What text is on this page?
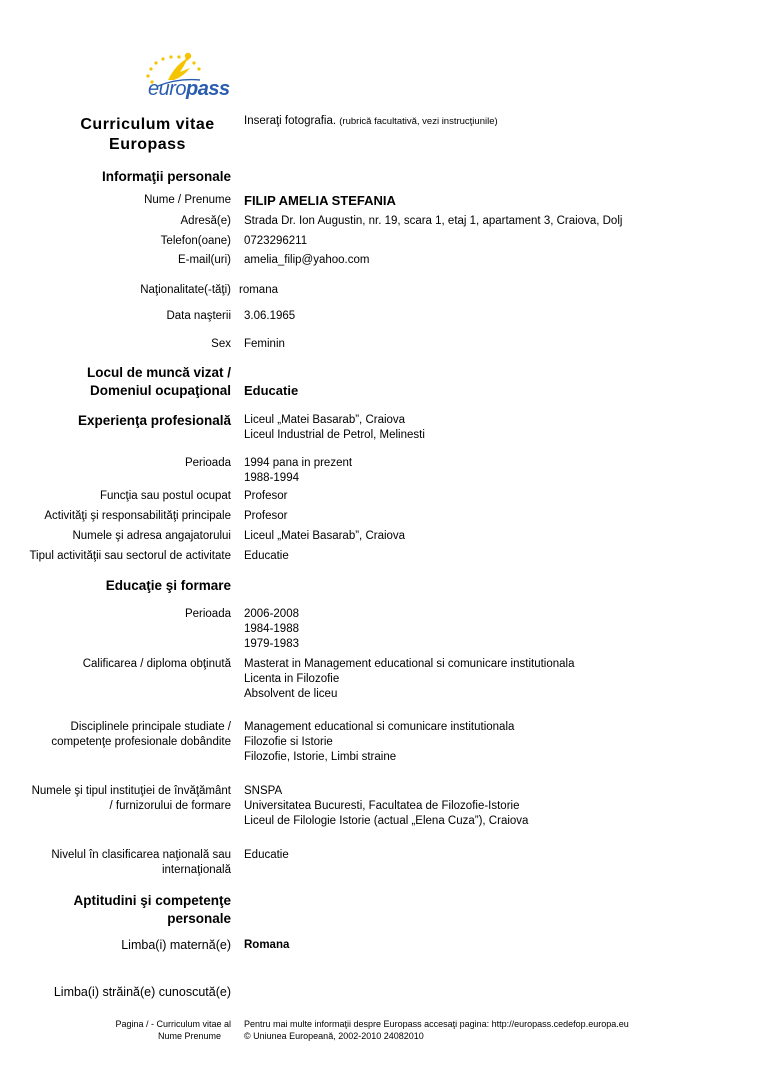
europass
Curriculum vitae
Europass
Inseraţi fotografia. (rubrică facultativă, vezi instrucţiunile)
Informaţii personale
Nume / Prenume FILIP AMELIA STEFANIA
Adresă(e) Strada Dr. Ion Augustin, nr. 19, scara 1, etaj 1, apartament 3, Craiova, Dolj
Telefon(oane) 0723296211
E-mail(uri) amelia_filip@yahoo.com
Naţionalitate(-tăţi) romana
Data naşterii 3.06.1965
Sex Feminin
Locul de muncă vizat /
Domeniul ocupaţional Educatie
Experienţa profesională Liceul „Matei Basarab”, Craiova
Liceul Industrial de Petrol, Melinesti
Perioada 1994 pana in prezent
1988-1994
Funcţia sau postul ocupat Profesor
Activităţi şi responsabilităţi principale Profesor
Numele şi adresa angajatorului Liceul „Matei Basarab”, Craiova
Tipul activităţii sau sectorul de activitate Educatie
Educaţie şi formare
Perioada 2006-2008
1984-1988
1979-1983
Calificarea / diploma obţinută Masterat in Management educational si comunicare institutionala
Licenta in Filozofie
Absolvent de liceu
Disciplinele principale studiate /
competenţe profesionale dobândite
Management educational si comunicare institutionala
Filozofie si Istorie
Filozofie, Istorie, Limbi straine
Numele şi tipul instituţiei de învăţământ
/ furnizorului de formare
SNSPA
Universitatea Bucuresti, Facultatea de Filozofie-Istorie
Liceul de Filologie Istorie (actual „Elena Cuza”), Craiova
Nivelul în clasificarea naţională sau
internaţională
Educatie
Aptitudini şi competenţe
personale
Limba(i) maternă(e) Romana
Limba(i) străină(e) cunoscută(e)
Pagina / - Curriculum vitae al
Nume Prenume
Pentru mai multe informaţii despre Europass accesaţi pagina: http://europass.cedefop.europa.eu
© Uniunea Europeană, 2002-2010 24082010
